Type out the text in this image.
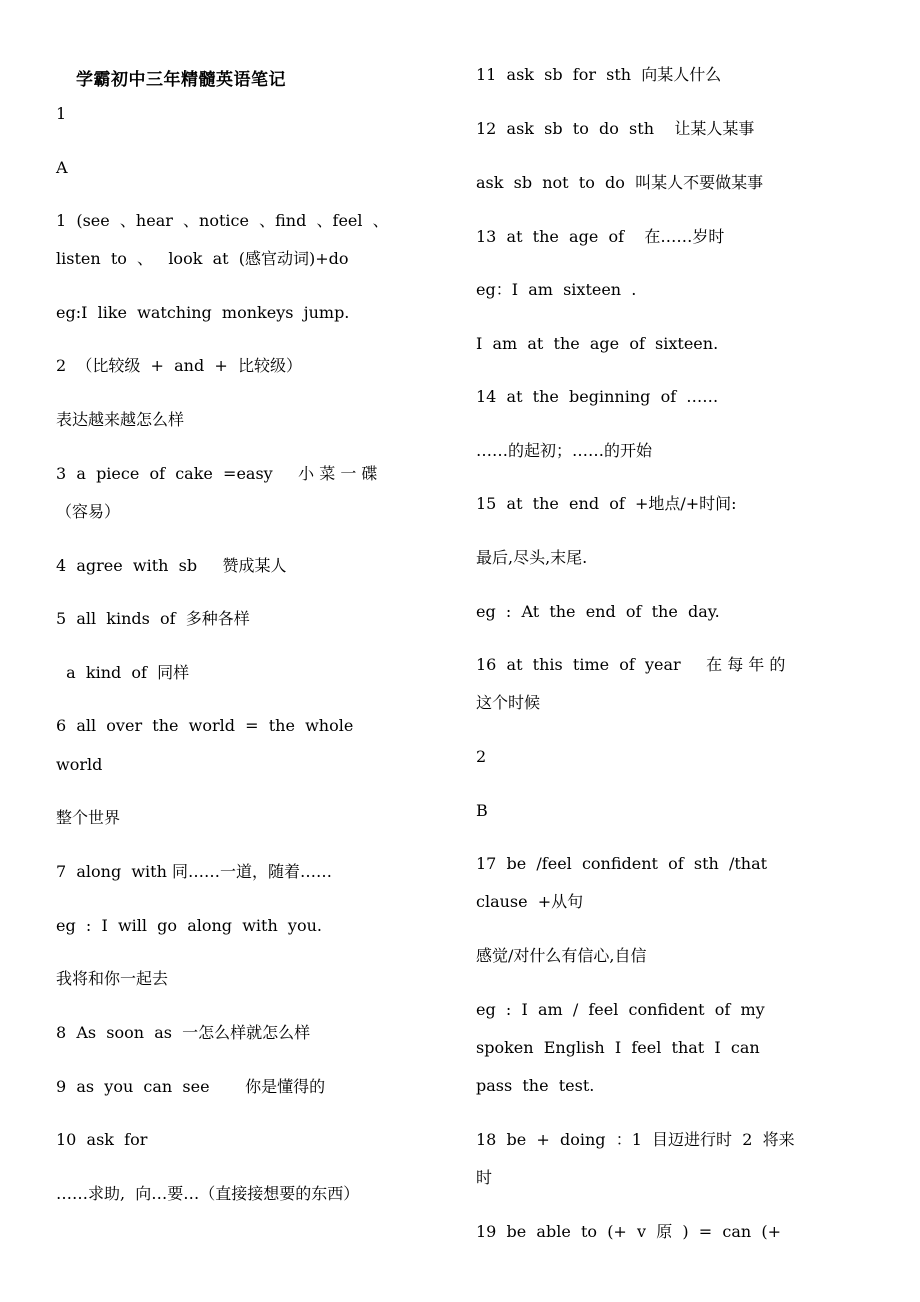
学霸初中三年精髓英语笔记

1

A

1  (see  、hear  、notice  、find  、feel  、

listen  to  、   look  at  (感官动词)+do

eg:I  like  watching  monkeys  jump.

2  （比较级  +  and  +  比较级）

表达越来越怎么样

3  a  piece  of  cake  =easy     小 菜 一 碟

（容易）

4  agree  with  sb     赞成某人

5  all  kinds  of  多种各样

a  kind  of  同样

6  all  over  the  world  =  the  whole

world

整个世界

7  along  with 同……一道，随着……

eg  :  I  will  go  along  with  you.

我将和你一起去

8  As  soon  as  一怎么样就怎么样

9  as  you  can  see       你是懂得的

10  ask  for

……求助,  向…要…（直接接想要的东西）

11  ask  sb  for  sth  向某人什么

12  ask  sb  to  do  sth    让某人某事

ask  sb  not  to  do  叫某人不要做某事

13  at  the  age  of    在……岁时

eg：I  am  sixteen  .

I  am  at  the  age  of  sixteen.

14  at  the  beginning  of  ……

……的起初；……的开始

15  at  the  end  of  +地点/+时间:

最后,尽头,末尾.

eg  :  At  the  end  of  the  day.

16  at  this  time  of  year     在 每 年 的

这个时候

2

B

17  be  /feel  confident  of  sth  /that

clause  +从句

感觉/对什么有信心,自信

eg  :  I  am  /  feel  confident  of  my

spoken  English  I  feel  that  I  can

pass  the  test.

18  be  +  doing  ：1  目迈进行时  2  将来

时

19  be  able  to  (+  v  原  )  =  can  (+
